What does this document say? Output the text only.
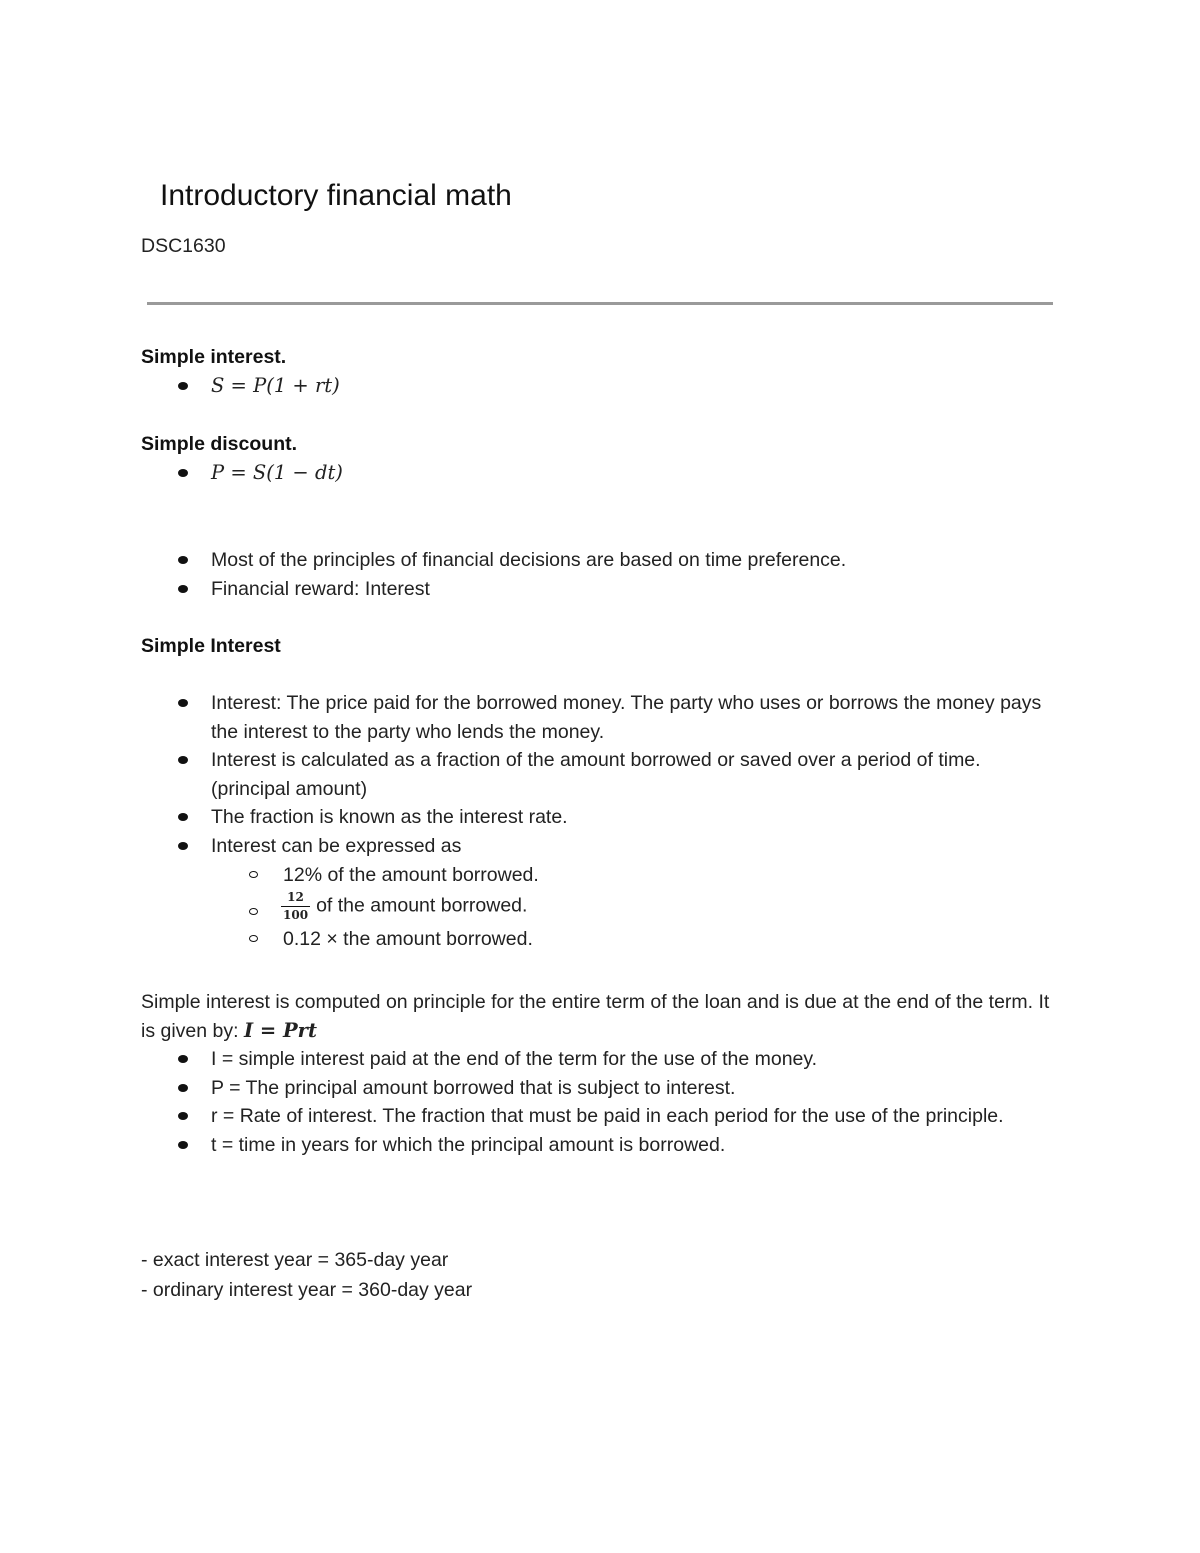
Introductory financial math
DSC1630
Simple interest.
S = P(1 + rt)
Simple discount.
P = S(1 − dt)
Most of the principles of financial decisions are based on time preference.
Financial reward: Interest
Simple Interest
Interest: The price paid for the borrowed money. The party who uses or borrows the money pays the interest to the party who lends the money.
Interest is calculated as a fraction of the amount borrowed or saved over a period of time. (principal amount)
The fraction is known as the interest rate.
Interest can be expressed as
12% of the amount borrowed.
$\frac{12}{100}$ of the amount borrowed.
0.12 × the amount borrowed.
Simple interest is computed on principle for the entire term of the loan and is due at the end of the term. It is given by: I = Prt
I = simple interest paid at the end of the term for the use of the money.
P = The principal amount borrowed that is subject to interest.
r = Rate of interest. The fraction that must be paid in each period for the use of the principle.
t = time in years for which the principal amount is borrowed.
- exact interest year = 365-day year
- ordinary interest year = 360-day year
